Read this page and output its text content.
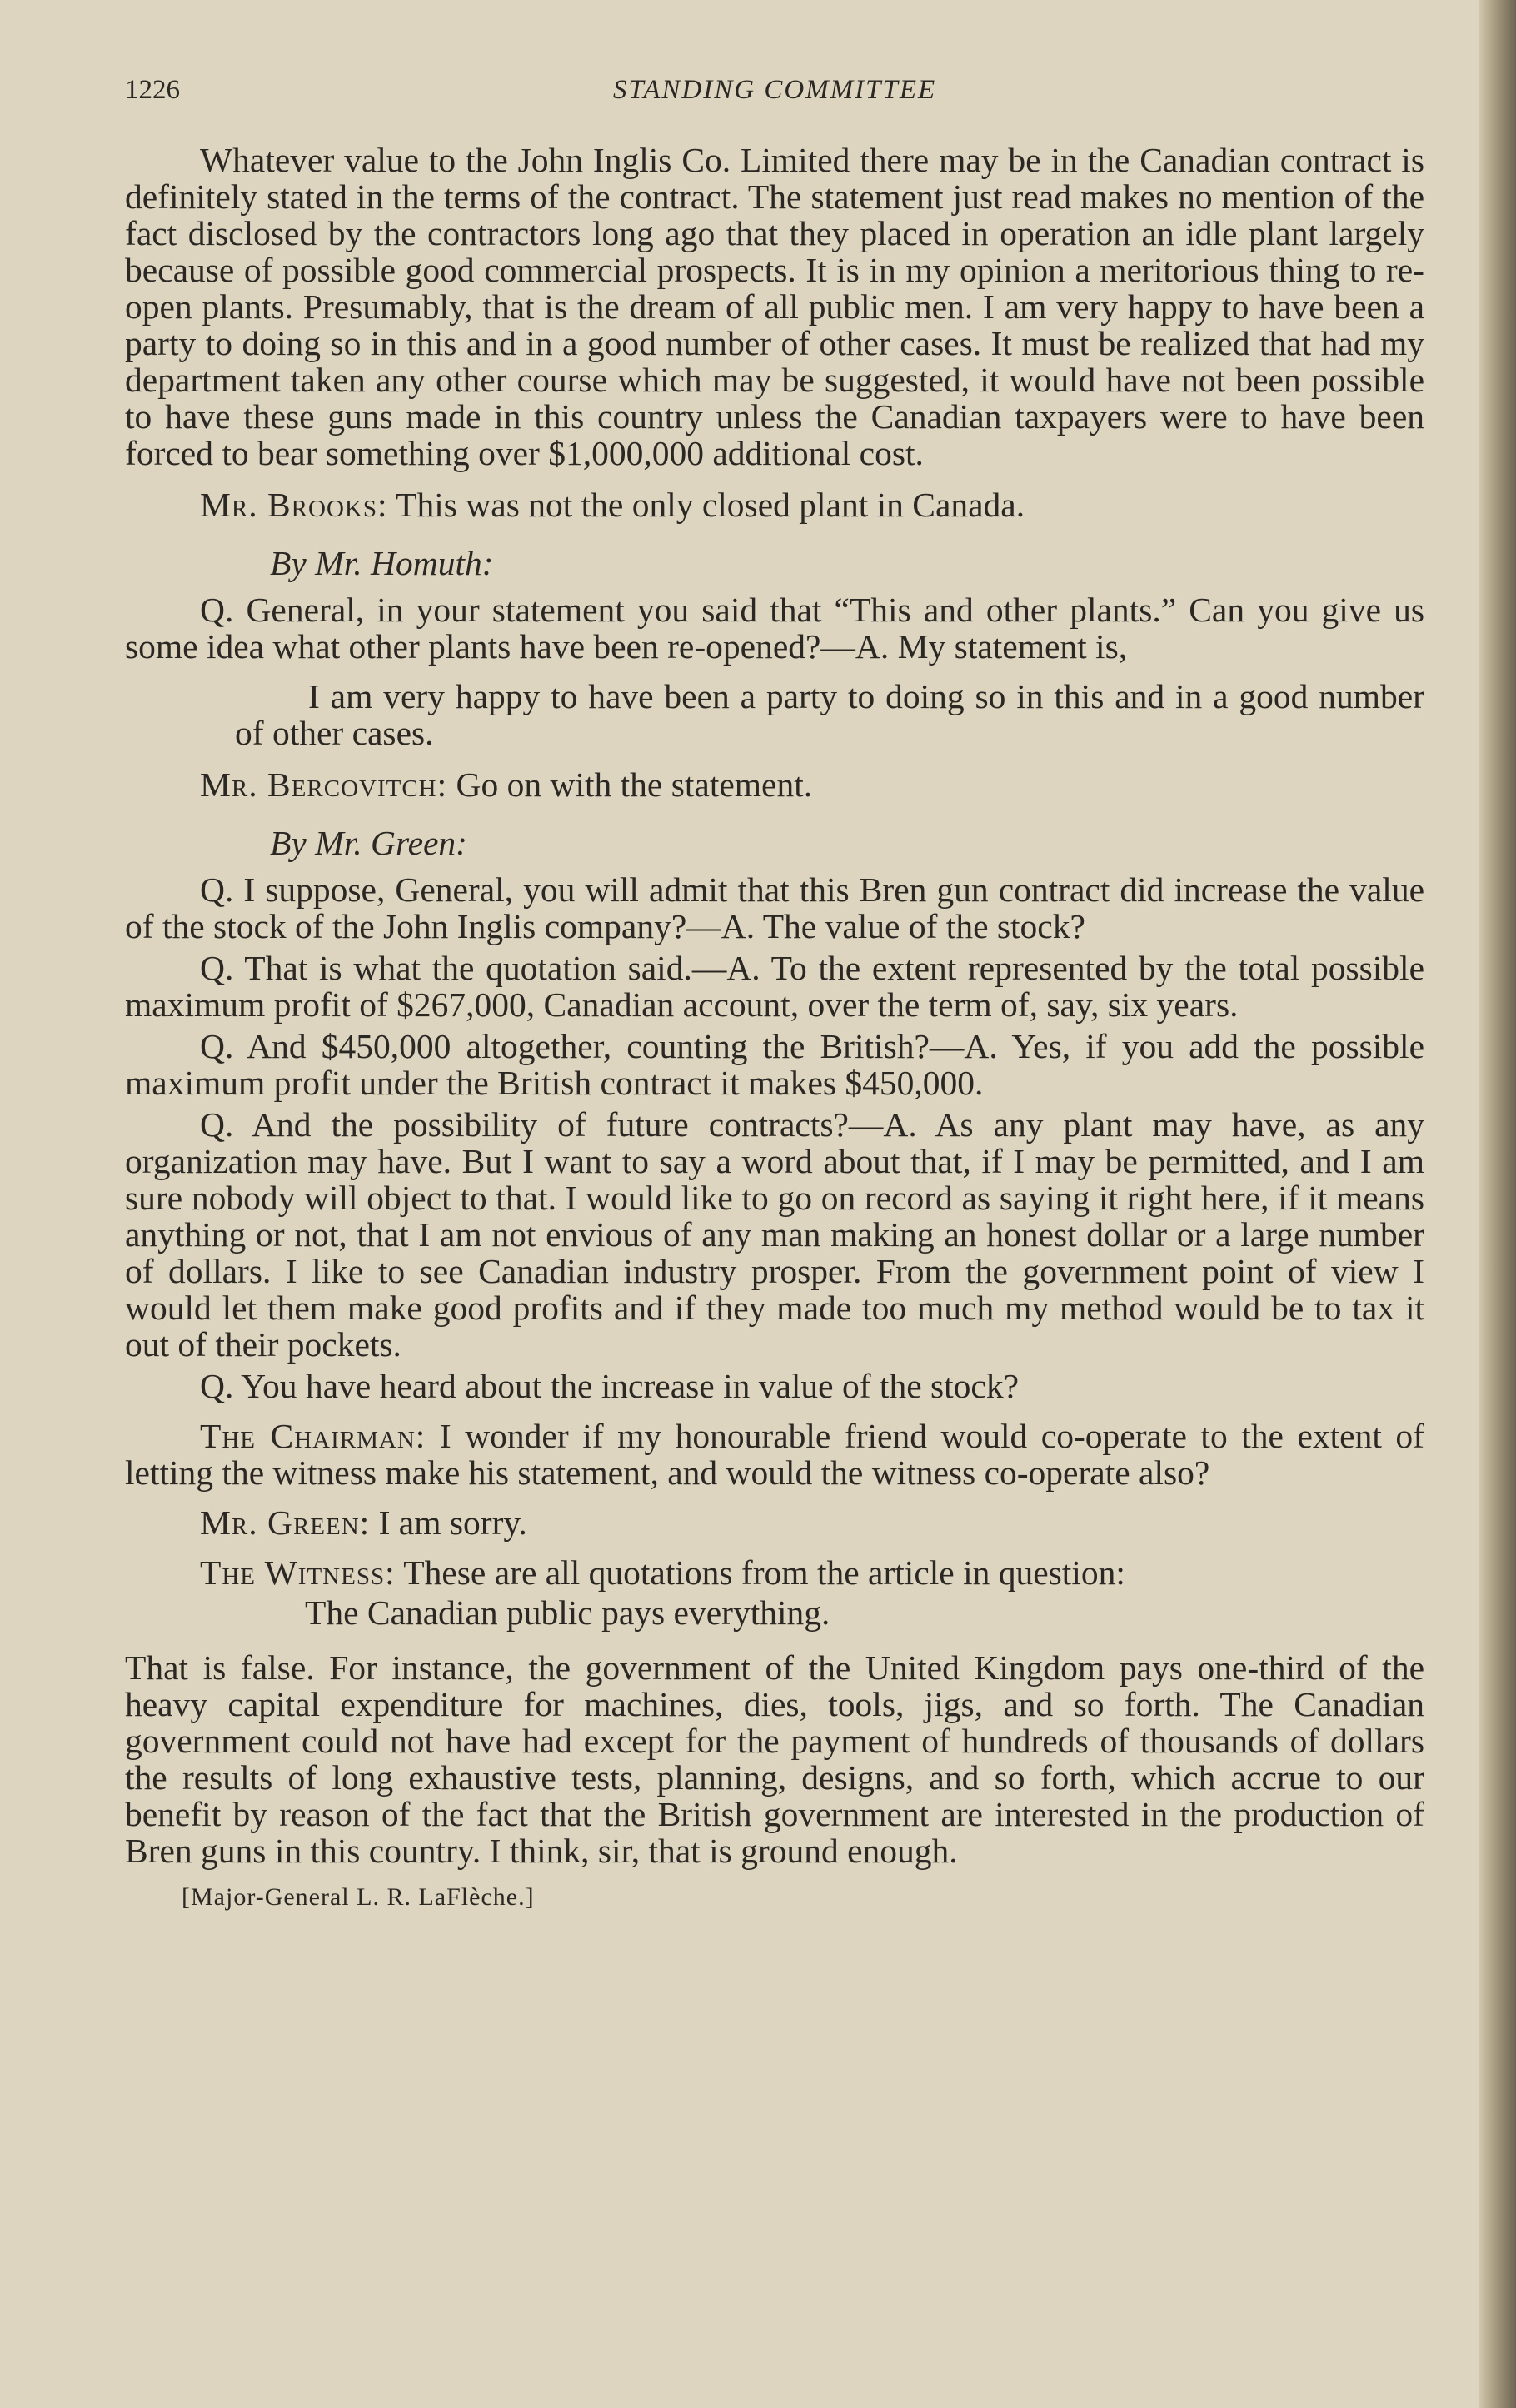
1226	STANDING COMMITTEE

Whatever value to the John Inglis Co. Limited there may be in the Canadian contract is definitely stated in the terms of the contract. The statement just read makes no mention of the fact disclosed by the contractors long ago that they placed in operation an idle plant largely because of possible good commercial prospects. It is in my opinion a meritorious thing to re-open plants. Presumably, that is the dream of all public men. I am very happy to have been a party to doing so in this and in a good number of other cases. It must be realized that had my department taken any other course which may be suggested, it would have not been possible to have these guns made in this country unless the Canadian taxpayers were to have been forced to bear something over $1,000,000 additional cost.

Mr. Brooks: This was not the only closed plant in Canada.

By Mr. Homuth:

Q. General, in your statement you said that “This and other plants.” Can you give us some idea what other plants have been re-opened?—A. My statement is,

I am very happy to have been a party to doing so in this and in a good number of other cases.

Mr. Bercovitch: Go on with the statement.

By Mr. Green:

Q. I suppose, General, you will admit that this Bren gun contract did increase the value of the stock of the John Inglis company?—A. The value of the stock?

Q. That is what the quotation said.—A. To the extent represented by the total possible maximum profit of $267,000, Canadian account, over the term of, say, six years.

Q. And $450,000 altogether, counting the British?—A. Yes, if you add the possible maximum profit under the British contract it makes $450,000.

Q. And the possibility of future contracts?—A. As any plant may have, as any organization may have. But I want to say a word about that, if I may be permitted, and I am sure nobody will object to that. I would like to go on record as saying it right here, if it means anything or not, that I am not envious of any man making an honest dollar or a large number of dollars. I like to see Canadian industry prosper. From the government point of view I would let them make good profits and if they made too much my method would be to tax it out of their pockets.

Q. You have heard about the increase in value of the stock?

The Chairman: I wonder if my honourable friend would co-operate to the extent of letting the witness make his statement, and would the witness co-operate also?

Mr. Green: I am sorry.

The Witness: These are all quotations from the article in question:

The Canadian public pays everything.

That is false. For instance, the government of the United Kingdom pays one-third of the heavy capital expenditure for machines, dies, tools, jigs, and so forth. The Canadian government could not have had except for the payment of hundreds of thousands of dollars the results of long exhaustive tests, planning, designs, and so forth, which accrue to our benefit by reason of the fact that the British government are interested in the production of Bren guns in this country. I think, sir, that is ground enough.

[Major-General L. R. LaFlèche.]
